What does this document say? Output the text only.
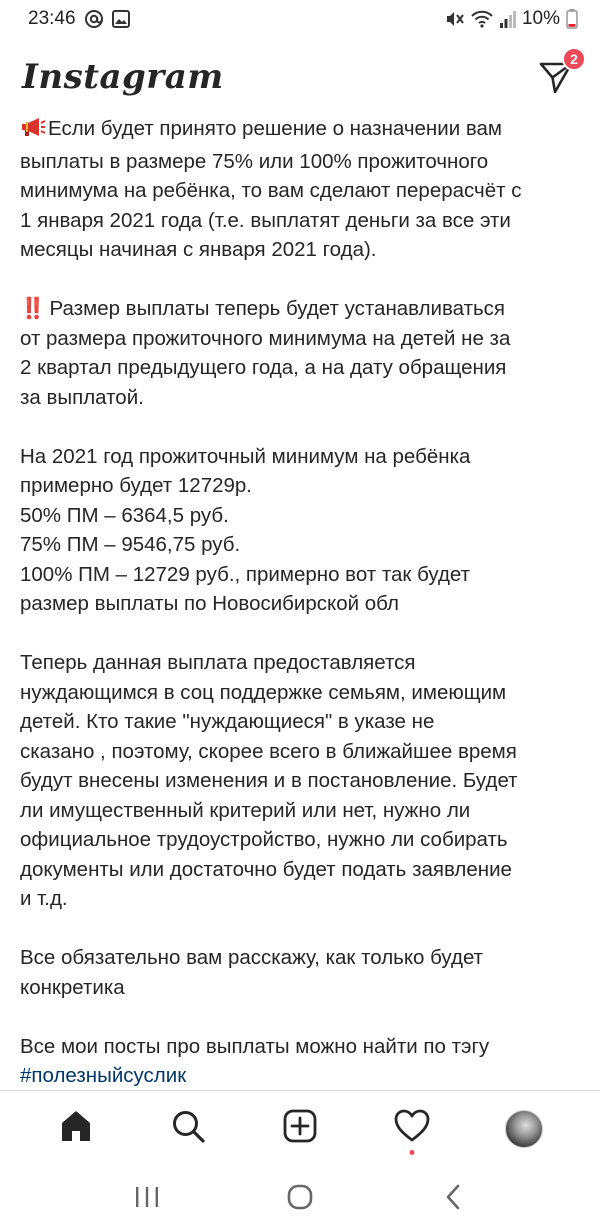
23:46	10%
Instagram	2
Если будет принято решение о назначении вам
выплаты в размере 75% или 100% прожиточного
минимума на ребёнка, то вам сделают перерасчёт с
1 января 2021 года (т.е. выплатят деньги за все эти
месяцы начиная с января 2021 года).
‼️ Размер выплаты теперь будет устанавливаться
от размера прожиточного минимума на детей не за
2 квартал предыдущего года, а на дату обращения
за выплатой.
На 2021 год прожиточный минимум на ребёнка
примерно будет 12729р.
50% ПМ – 6364,5 руб.
75% ПМ – 9546,75 руб.
100% ПМ – 12729 руб., примерно вот так будет
размер выплаты по Новосибирской обл
Теперь данная выплата предоставляется
нуждающимся в соц поддержке семьям, имеющим
детей. Кто такие "нуждающиеся" в указе не
сказано , поэтому, скорее всего в ближайшее время
будут внесены изменения и в постановление. Будет
ли имущественный критерий или нет, нужно ли
официальное трудоустройство, нужно ли собирать
документы или достаточно будет подать заявление
и т.д.
Все обязательно вам расскажу, как только будет
конкретика
Все мои посты про выплаты можно найти по тэгу
#полезныйсуслик
